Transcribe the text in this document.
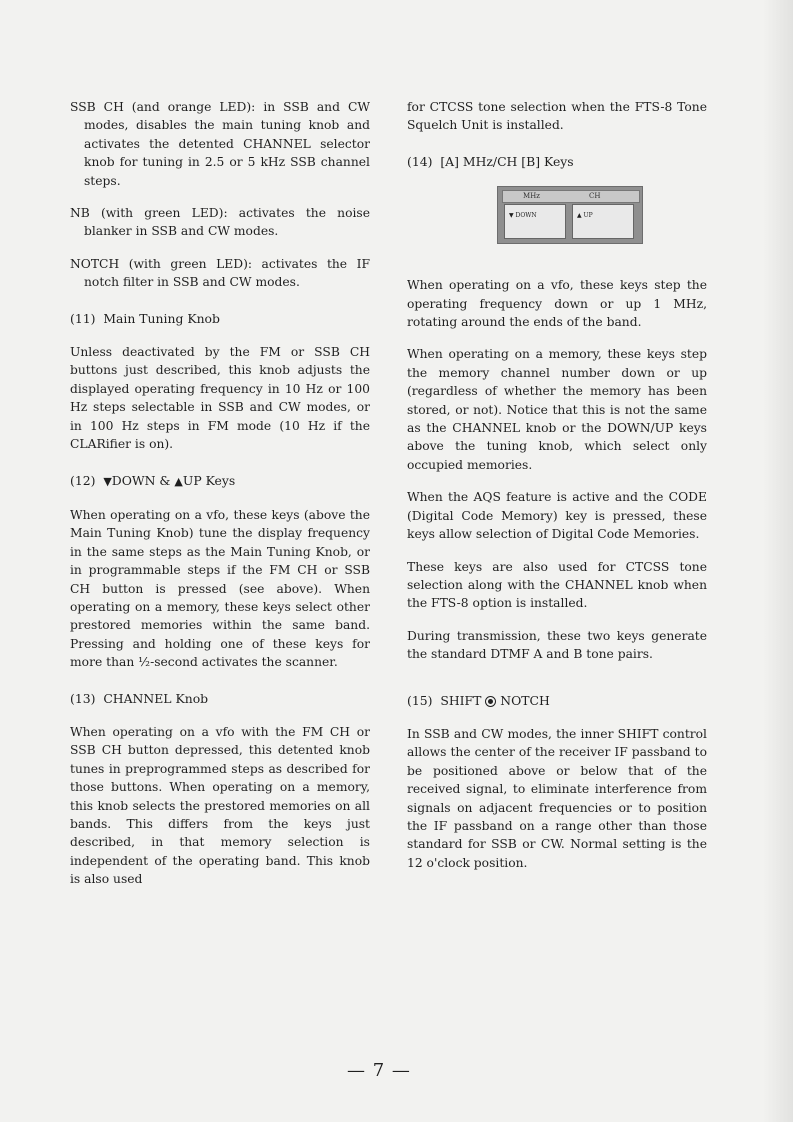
SSB CH (and orange LED): in SSB and CW modes, disables the main tuning knob and activates the detented CHANNEL selector knob for tuning in 2.5 or 5 kHz SSB channel steps.

NB (with green LED): activates the noise blanker in SSB and CW modes.

NOTCH (with green LED): activates the IF notch filter in SSB and CW modes.

(11) Main Tuning Knob

Unless deactivated by the FM or SSB CH buttons just described, this knob adjusts the displayed operating frequency in 10 Hz or 100 Hz steps selectable in SSB and CW modes, or in 100 Hz steps in FM mode (10 Hz if the CLARifier is on).

(12) ▼DOWN & ▲UP Keys

When operating on a vfo, these keys (above the Main Tuning Knob) tune the display frequency in the same steps as the Main Tuning Knob, or in programmable steps if the FM CH or SSB CH button is pressed (see above). When operating on a memory, these keys select other prestored memories within the same band. Pressing and holding one of these keys for more than ½-second activates the scanner.

(13) CHANNEL Knob

When operating on a vfo with the FM CH or SSB CH button depressed, this detented knob tunes in preprogrammed steps as described for those buttons. When operating on a memory, this knob selects the prestored memories on all bands. This differs from the keys just described, in that memory selection is independent of the operating band. This knob is also used

for CTCSS tone selection when the FTS-8 Tone Squelch Unit is installed.

(14) [A] MHz/CH [B] Keys
MHz	CH
▼ DOWN	▲ UP

When operating on a vfo, these keys step the operating frequency down or up 1 MHz, rotating around the ends of the band.

When operating on a memory, these keys step the memory channel number down or up (regardless of whether the memory has been stored, or not). Notice that this is not the same as the CHANNEL knob or the DOWN/UP keys above the tuning knob, which select only occupied memories.

When the AQS feature is active and the CODE (Digital Code Memory) key is pressed, these keys allow selection of Digital Code Memories.

These keys are also used for CTCSS tone selection along with the CHANNEL knob when the FTS-8 option is installed.

During transmission, these two keys generate the standard DTMF A and B tone pairs.

(15) SHIFT NOTCH

In SSB and CW modes, the inner SHIFT control allows the center of the receiver IF passband to be positioned above or below that of the received signal, to eliminate interference from signals on adjacent frequencies or to position the IF passband on a range other than those standard for SSB or CW. Normal setting is the 12 o'clock position.

— 7 —
